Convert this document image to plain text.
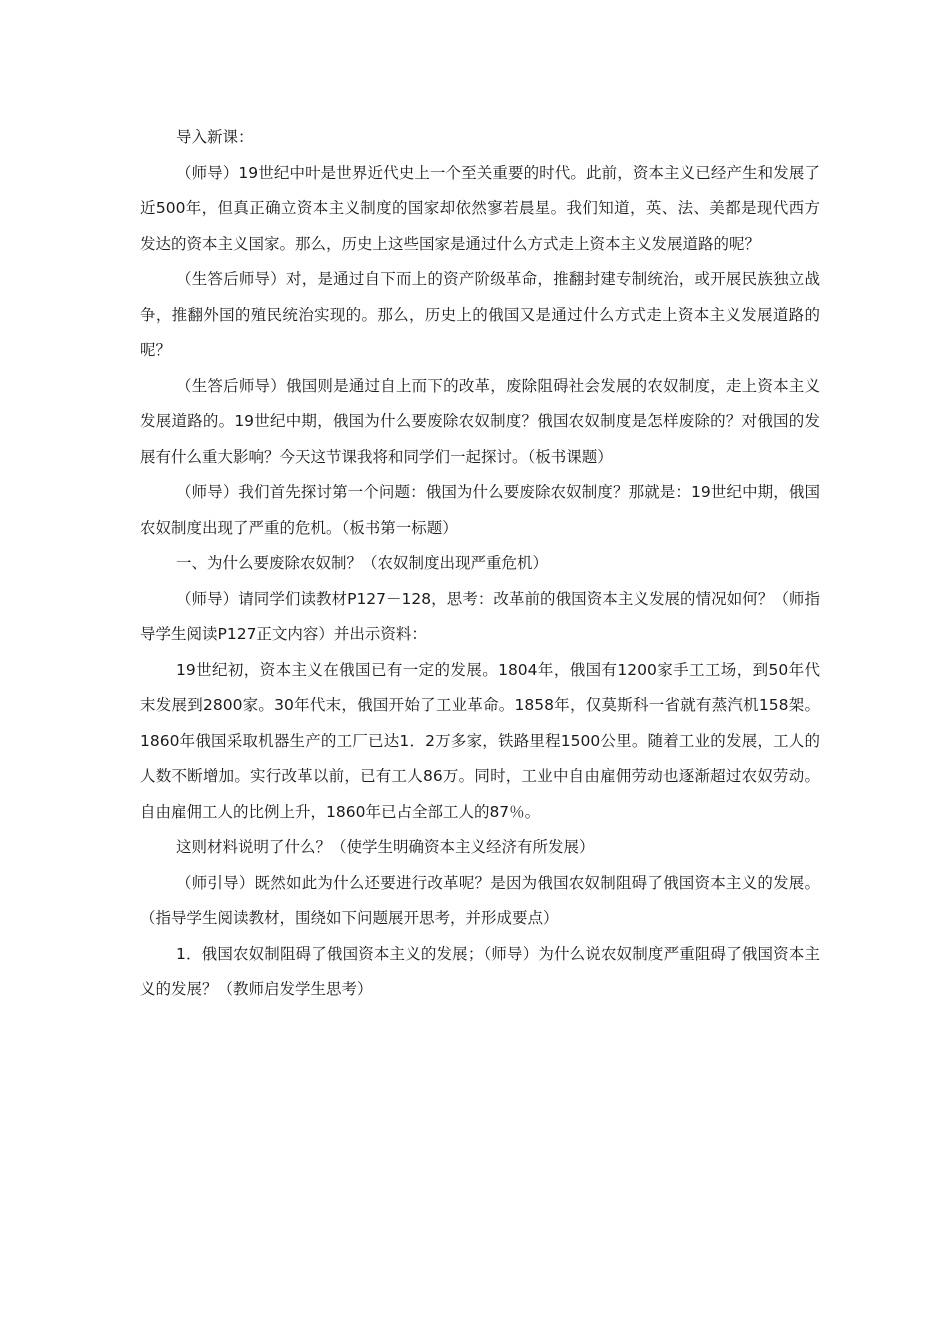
导入新课：

（师导）19世纪中叶是世界近代史上一个至关重要的时代。此前，资本主义已经产生和发展了近500年，但真正确立资本主义制度的国家却依然寥若晨星。我们知道，英、法、美都是现代西方发达的资本主义国家。那么，历史上这些国家是通过什么方式走上资本主义发展道路的呢？

（生答后师导）对，是通过自下而上的资产阶级革命，推翻封建专制统治，或开展民族独立战争，推翻外国的殖民统治实现的。那么，历史上的俄国又是通过什么方式走上资本主义发展道路的呢？

（生答后师导）俄国则是通过自上而下的改革，废除阻碍社会发展的农奴制度，走上资本主义发展道路的。19世纪中期，俄国为什么要废除农奴制度？俄国农奴制度是怎样废除的？对俄国的发展有什么重大影响？今天这节课我将和同学们一起探讨。（板书课题）

（师导）我们首先探讨第一个问题：俄国为什么要废除农奴制度？那就是：19世纪中期，俄国农奴制度出现了严重的危机。（板书第一标题）

一、为什么要废除农奴制？（农奴制度出现严重危机）

（师导）请同学们读教材P127－128，思考：改革前的俄国资本主义发展的情况如何？（师指导学生阅读P127正文内容）并出示资料：

19世纪初，资本主义在俄国已有一定的发展。1804年，俄国有1200家手工工场，到50年代末发展到2800家。30年代末，俄国开始了工业革命。1858年，仅莫斯科一省就有蒸汽机158架。1860年俄国采取机器生产的工厂已达1．2万多家，铁路里程1500公里。随着工业的发展，工人的人数不断增加。实行改革以前，已有工人86万。同时，工业中自由雇佣劳动也逐渐超过农奴劳动。自由雇佣工人的比例上升，1860年已占全部工人的87％。

这则材料说明了什么？（使学生明确资本主义经济有所发展）

（师引导）既然如此为什么还要进行改革呢？是因为俄国农奴制阻碍了俄国资本主义的发展。（指导学生阅读教材，围绕如下问题展开思考，并形成要点）

1．俄国农奴制阻碍了俄国资本主义的发展；（师导）为什么说农奴制度严重阻碍了俄国资本主义的发展？（教师启发学生思考）
